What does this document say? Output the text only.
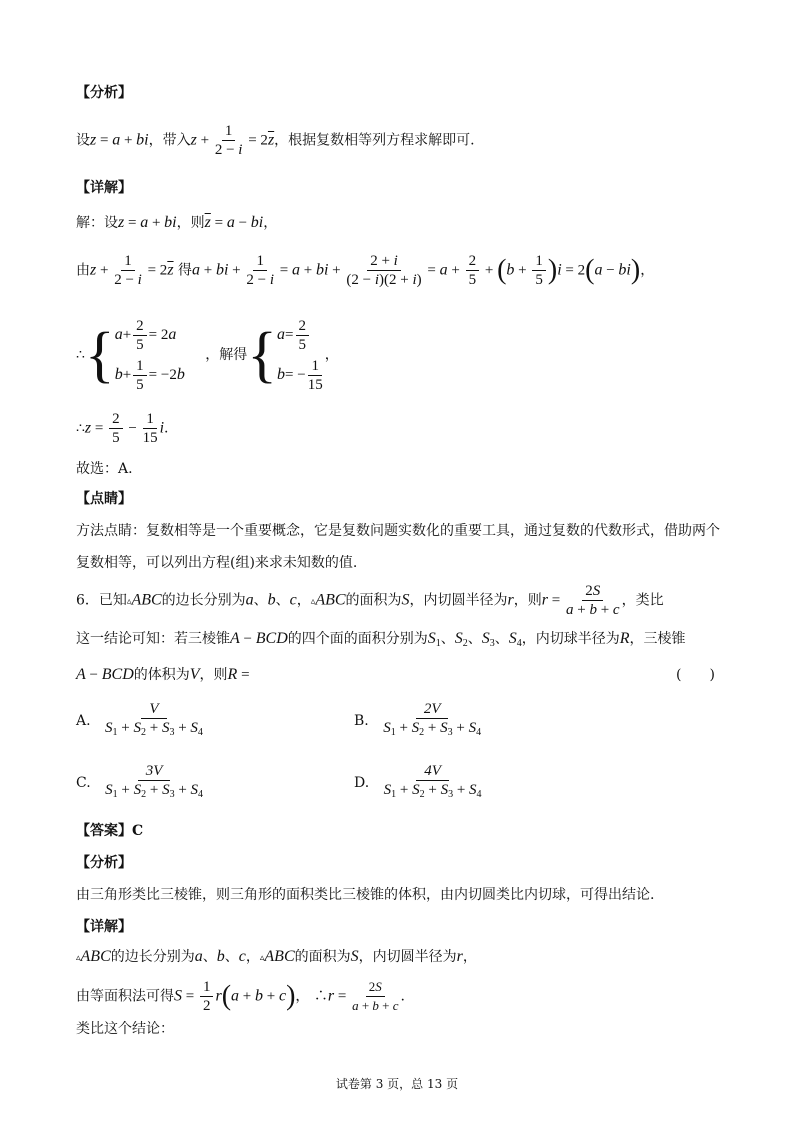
【分析】
设z = a + bi，带入$z + \frac{1}{2 - i} = 2\overline{z}$，根据复数相等列方程求解即可.
【详解】
解：设z = a + bi，则$\overline{z} = a$ − bi，
由$z + \frac{1}{2 - i} = 2\overline{z}$ 得a + bi + $\frac{1}{2 - i} = a$ + bi + $\frac{2 + i}{(2 - i)(2 + i)} = a + \frac{2}{5} + (b + \frac{1}{5} )i = 2(a - bi)$，
∴{ $a + \frac{2}{5} = 2$ a
$b + \frac{1}{5} = -2$ b
，解得{ $a = \frac{2}{5}$
b = − $\frac{1}{15}$
，
∴z = $\frac{2}{5} - \frac{1}{15} i$.
故选：A.
【点睛】
方法点睛：复数相等是一个重要概念，它是复数问题实数化的重要工具，通过复数的代数形式，借助两个
复数相等，可以列出方程(组)来求未知数的值.
6．已知▵ABC的边长分别为a、b、c，▵ABC的面积为S，内切圆半径为r，则$r = \frac{2S}{a + b + c}$ ，类比
这一结论可知：若三棱锥A − BCD的四个面的面积分别为$S_1$、$S_2$、$S_3$、$S_4$，内切球半径为R，三棱锥
A − BCD的体积为V，则R =	(　　)
A. $\frac{V}{S_1 + S_2 + S_3 + S_4}$	B. $\frac{2V}{S_1 + S_2 + S_3 + S_4}$
C. $\frac{3V}{S_1 + S_2 + S_3 + S_4}$	D. $\frac{4V}{S_1 + S_2 + S_3 + S_4}$
【答案】C
【分析】
由三角形类比三棱锥，则三角形的面积类比三棱锥的体积，由内切圆类比内切球，可得出结论.
【详解】
▵ABC的边长分别为a、b、c，▵ABC的面积为S，内切圆半径为r，
由等面积法可得$S = \frac{1}{2} r(a + b + c)$， ∴r = $\frac{2S}{a + b + c}$ .
类比这个结论：
试卷第 3 页，总 13 页
